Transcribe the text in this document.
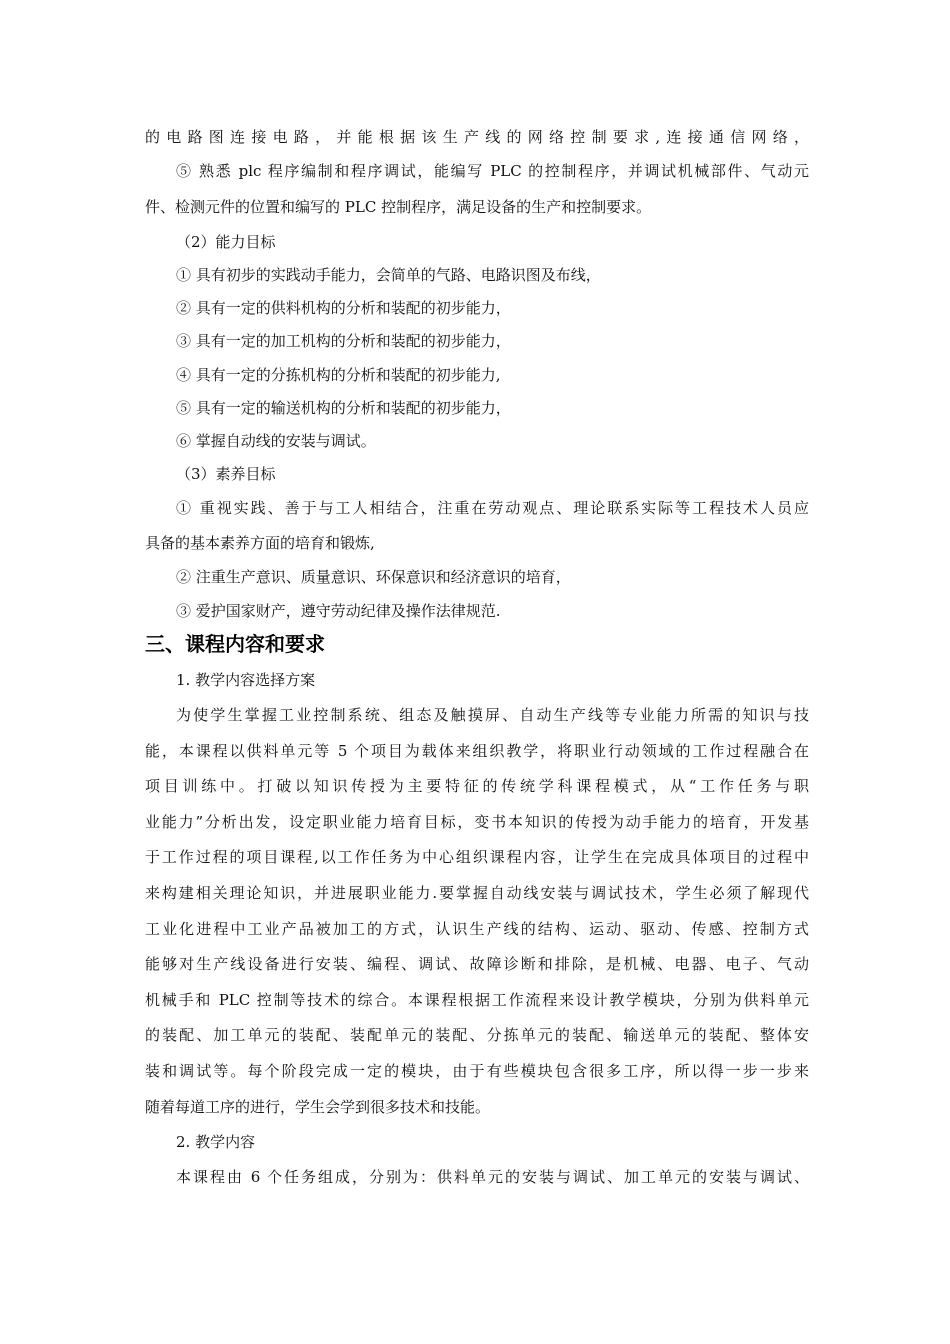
的电路图连接电路，并能根据该生产线的网络控制要求,连接通信网络，
⑤ 熟悉 plc 程序编制和程序调试，能编写 PLC 的控制程序，并调试机械部件、气动元
件、检测元件的位置和编写的 PLC 控制程序，满足设备的生产和控制要求。
（2）能力目标
① 具有初步的实践动手能力，会简单的气路、电路识图及布线，
② 具有一定的供料机构的分析和装配的初步能力，
③ 具有一定的加工机构的分析和装配的初步能力，
④ 具有一定的分拣机构的分析和装配的初步能力,
⑤ 具有一定的输送机构的分析和装配的初步能力，
⑥ 掌握自动线的安装与调试。
（3）素养目标
① 重视实践、善于与工人相结合，注重在劳动观点、理论联系实际等工程技术人员应
具备的基本素养方面的培育和锻炼,
② 注重生产意识、质量意识、环保意识和经济意识的培育，
③ 爱护国家财产，遵守劳动纪律及操作法律规范.
三、课程内容和要求
1. 教学内容选择方案
为使学生掌握工业控制系统、组态及触摸屏、自动生产线等专业能力所需的知识与技
能，本课程以供料单元等 5 个项目为载体来组织教学，将职业行动领域的工作过程融合在
项目训练中。打破以知识传授为主要特征的传统学科课程模式，从“工作任务与职
业能力”分析出发，设定职业能力培育目标，变书本知识的传授为动手能力的培育，开发基
于工作过程的项目课程,以工作任务为中心组织课程内容，让学生在完成具体项目的过程中
来构建相关理论知识，并进展职业能力.要掌握自动线安装与调试技术，学生必须了解现代
工业化进程中工业产品被加工的方式，认识生产线的结构、运动、驱动、传感、控制方式
能够对生产线设备进行安装、编程、调试、故障诊断和排除，是机械、电器、电子、气动
机械手和 PLC 控制等技术的综合。本课程根据工作流程来设计教学模块，分别为供料单元
的装配、加工单元的装配、装配单元的装配、分拣单元的装配、输送单元的装配、整体安
装和调试等。每个阶段完成一定的模块，由于有些模块包含很多工序，所以得一步一步来
随着每道工序的进行，学生会学到很多技术和技能。
2. 教学内容
本课程由 6 个任务组成，分别为：供料单元的安装与调试、加工单元的安装与调试、
